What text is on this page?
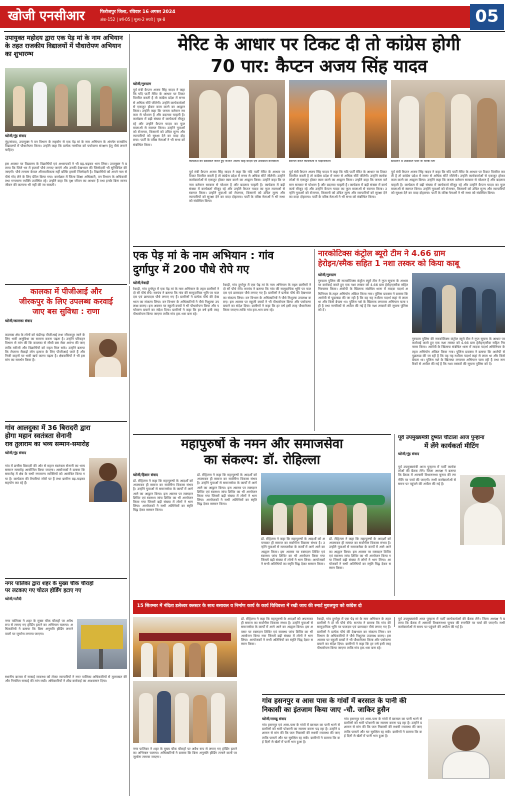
खोजी एनसीआर	फिरोजपुर जिला, रविवार 16 अगस्त 2024
अंक-152 | वर्ष-05 | मूल्य-2 रुपये | पृष्ठ-8	05
उपायुक्त महोदय द्वारा एक पेड़ मां के नाम अभियान के तहत राजकीय विद्यालयों में पौधारोपण अभियान का शुभारम्भ
खोजी/नूंह संवाद
नूंह/संवाद, उपायुक्त ने वन विभाग के सहयोग से एक पेड़ मां के नाम अभियान के अंतर्गत राजकीय विद्यालयों में पौधारोपण किया। उन्होंने कहा कि प्रत्येक नागरिक को पर्यावरण संरक्षण हेतु पौधे लगाने चाहिए।
इस अवसर पर विद्यालय के विद्यार्थियों एवं अध्यापकों ने भी बढ़-चढ़कर भाग लिया। उपायुक्त ने बताया कि जिले भर में हजारों पौधे लगाए जाएंगे और उनकी देखभाल की जिम्मेदारी भी सुनिश्चित की जाएगी। पौधे लगाना केवल औपचारिकता नहीं बल्कि हमारी जिम्मेदारी है। विद्यार्थियों को अपने नाम से पौधे गोद लेने के लिए प्रेरित किया गया। कार्यक्रम में जिला शिक्षा अधिकारी, वन विभाग के अधिकारी तथा गणमान्य व्यक्ति उपस्थित रहे। उन्होंने कहा कि वृक्ष जीवन का आधार हैं तथा इनके बिना मानव जीवन की कल्पना भी नहीं की जा सकती।
मेरिट के आधार पर टिकट दी तो कांग्रेस होगी
70 पार: कैप्टन अजय सिंह यादव
खोजी/गुरुग्राम
पूर्व मंत्री कैप्टन अजय सिंह यादव ने कहा कि यदि पार्टी मेरिट के आधार पर टिकट वितरित करती है तो कांग्रेस प्रदेश में सत्तर से अधिक सीटें जीतेगी। उन्होंने कार्यकर्ताओं से एकजुट होकर काम करने का आह्वान किया। उन्होंने कहा कि जनता वर्तमान सरकार से परेशान है और बदलाव चाहती है। कार्यक्रम में बड़ी संख्या में कार्यकर्ता मौजूद रहे और उन्होंने कैप्टन यादव का फूल मालाओं से स्वागत किया। उन्होंने युवाओं को रोजगार, किसानों को उचित मूल्य और व्यापारियों को सुरक्षा देने का वादा दोहराया। पार्टी के वरिष्ठ नेताओं ने भी सभा को संबोधित किया।
कार्यक्रम को संबोधित करते हुए कैप्टन अजय सिंह यादव एवं उपस्थित कार्यकर्ता	स्वागत करते कार्यकर्ता व पदाधिकारी	सम्मेलन में उपस्थित पार्टी के वरिष्ठ नेता
पूर्व मंत्री कैप्टन अजय सिंह यादव ने कहा कि यदि पार्टी मेरिट के आधार पर टिकट वितरित करती है तो कांग्रेस प्रदेश में सत्तर से अधिक सीटें जीतेगी। उन्होंने कार्यकर्ताओं से एकजुट होकर काम करने का आह्वान किया। उन्होंने कहा कि जनता वर्तमान सरकार से परेशान है और बदलाव चाहती है। कार्यक्रम में बड़ी संख्या में कार्यकर्ता मौजूद रहे और उन्होंने कैप्टन यादव का फूल मालाओं से स्वागत किया। उन्होंने युवाओं को रोजगार, किसानों को उचित मूल्य और व्यापारियों को सुरक्षा देने का वादा दोहराया। पार्टी के वरिष्ठ नेताओं ने भी सभा को संबोधित किया।
पूर्व मंत्री कैप्टन अजय सिंह यादव ने कहा कि यदि पार्टी मेरिट के आधार पर टिकट वितरित करती है तो कांग्रेस प्रदेश में सत्तर से अधिक सीटें जीतेगी। उन्होंने कार्यकर्ताओं से एकजुट होकर काम करने का आह्वान किया। उन्होंने कहा कि जनता वर्तमान सरकार से परेशान है और बदलाव चाहती है। कार्यक्रम में बड़ी संख्या में कार्यकर्ता मौजूद रहे और उन्होंने कैप्टन यादव का फूल मालाओं से स्वागत किया। उन्होंने युवाओं को रोजगार, किसानों को उचित मूल्य और व्यापारियों को सुरक्षा देने का वादा दोहराया। पार्टी के वरिष्ठ नेताओं ने भी सभा को संबोधित किया।
पूर्व मंत्री कैप्टन अजय सिंह यादव ने कहा कि यदि पार्टी मेरिट के आधार पर टिकट वितरित करती है तो कांग्रेस प्रदेश में सत्तर से अधिक सीटें जीतेगी। उन्होंने कार्यकर्ताओं से एकजुट होकर काम करने का आह्वान किया। उन्होंने कहा कि जनता वर्तमान सरकार से परेशान है और बदलाव चाहती है। कार्यक्रम में बड़ी संख्या में कार्यकर्ता मौजूद रहे और उन्होंने कैप्टन यादव का फूल मालाओं से स्वागत किया। उन्होंने युवाओं को रोजगार, किसानों को उचित मूल्य और व्यापारियों को सुरक्षा देने का वादा दोहराया। पार्टी के वरिष्ठ नेताओं ने भी सभा को संबोधित किया।
एक पेड़ मां के नाम अभियान : गांव
दुर्गापुर में 200 पौधे रोपे गए
खोजी/रेवाड़ी
रेवाड़ी, गांव दुर्गापुर में एक पेड़ मां के नाम अभियान के तहत ग्रामीणों ने दो सौ पौधे रोपे। सरपंच ने बताया कि गांव की सामुदायिक भूमि पर फलदार एवं छायादार पौधे लगाए गए हैं। ग्रामीणों ने प्रत्येक पौधे की देखभाल का संकल्प लिया। वन विभाग के अधिकारियों ने पौधे निशुल्क उपलब्ध कराए। इस अवसर पर स्कूली बच्चों ने भी पौधारोपण किया और पर्यावरण बचाने का संदेश दिया। ग्रामीणों ने कहा कि हर वर्ष इसी तरह पौधारोपण किया जाएगा ताकि गांव हरा-भरा बना रहे।
रेवाड़ी, गांव दुर्गापुर में एक पेड़ मां के नाम अभियान के तहत ग्रामीणों ने दो सौ पौधे रोपे। सरपंच ने बताया कि गांव की सामुदायिक भूमि पर फलदार एवं छायादार पौधे लगाए गए हैं। ग्रामीणों ने प्रत्येक पौधे की देखभाल का संकल्प लिया। वन विभाग के अधिकारियों ने पौधे निशुल्क उपलब्ध कराए। इस अवसर पर स्कूली बच्चों ने भी पौधारोपण किया और पर्यावरण बचाने का संदेश दिया। ग्रामीणों ने कहा कि हर वर्ष इसी तरह पौधारोपण किया जाएगा ताकि गांव हरा-भरा बना रहे।
नारकोटिक्स कंट्रोल ब्यूरो टीम ने 4.66 ग्राम
हेरोइन/स्मैक सहित 1 नशा तस्कर को किया काबू
खोजी/गुरुग्राम
गुरुग्राम पुलिस की नारकोटिक्स कंट्रोल ब्यूरो टीम ने गुप्त सूचना के आधार पर कार्रवाई करते हुए एक नशा तस्कर को 4.66 ग्राम हेरोइन/स्मैक सहित गिरफ्तार किया। आरोपी के खिलाफ संबंधित थाना में मादक पदार्थ अधिनियम के तहत अभियोग अंकित किया गया। पुलिस प्रवक्ता ने बताया कि आरोपी से पूछताछ की जा रही है कि वह यह नशीला पदार्थ कहां से लाता था और किसे बेचता था। पुलिस नशे के खिलाफ लगातार अभियान चला रही है तथा नागरिकों से अपील की गई है कि नशा तस्करों की सूचना पुलिस को दें।
गुरुग्राम पुलिस की नारकोटिक्स कंट्रोल ब्यूरो टीम ने गुप्त सूचना के आधार पर कार्रवाई करते हुए एक नशा तस्कर को 4.66 ग्राम हेरोइन/स्मैक सहित गिरफ्तार किया। आरोपी के खिलाफ संबंधित थाना में मादक पदार्थ अधिनियम के तहत अभियोग अंकित किया गया। पुलिस प्रवक्ता ने बताया कि आरोपी से पूछताछ की जा रही है कि वह यह नशीला पदार्थ कहां से लाता था और किसे बेचता था। पुलिस नशे के खिलाफ लगातार अभियान चला रही है तथा नागरिकों से अपील की गई है कि नशा तस्करों की सूचना पुलिस को दें।
कालका में पीजीआई और
जीरकपुर के लिए उपलब्ध करवाई
जाए बस सुविधा : राणा
खोजी/कालका संवाद
कालका क्षेत्र के लोगों को चंडीगढ़ पीजीआई तथा जीरकपुर जाने के लिए भारी असुविधा का सामना करना पड़ता है। उन्होंने परिवहन विभाग से मांग की कि कालका से सीधी बस सेवा आरंभ की जाए ताकि मरीजों और विद्यार्थियों को राहत मिल सके। उन्होंने बताया कि रोजाना सैकड़ों लोग इलाज के लिए पीजीआई जाते हैं और निजी वाहनों पर भारी खर्च करना पड़ता है। क्षेत्रवासियों ने भी इस मांग का समर्थन किया है।
गांव आलदुका में 36 बिरादरी द्वारा
होगा महान स्वतंत्रता सेनानी
राव तुलाराम का भव्य सम्मान-समारोह
खोजी/नूंह संवाद
गांव में छत्तीस बिरादरी की ओर से महान स्वतंत्रता सेनानी का भव्य सम्मान समारोह आयोजित किया जाएगा। आयोजकों ने बताया कि समारोह में क्षेत्र के सभी गणमान्य व्यक्तियों को आमंत्रित किया गया है। कार्यक्रम की तैयारियां जोरों पर हैं तथा ग्रामीण बढ़-चढ़कर सहयोग कर रहे हैं।
नगर पालिका द्वारा शहर के मुख्य चौक चौराहों
पर लटकाए गए चोटल होर्डिंग हटाए गए
खोजी/पटौदी
नगर पालिका ने शहर के मुख्य चौक चौराहों पर अवैध रूप से लगाए गए होर्डिंग हटाने का अभियान चलाया। अधिकारियों ने बताया कि बिना अनुमति होर्डिंग लगाने वालों पर जुर्माना लगाया जाएगा।
स्थानीय बाजार में सफाई व्यवस्था को लेकर व्यापारियों ने नगर पालिका अधिकारियों से मुलाकात की और नियमित सफाई की मांग रखी। अधिकारियों ने शीघ्र कार्रवाई का आश्वासन दिया।
महापुरुषों के नमन और समाजसेवा
का संकल्प: डॉ. रोहिल्ला
खोजी/हिसार संवाद
डॉ. रोहिल्ला ने कहा कि महापुरुषों के आदर्शों को अपनाकर ही समाज का सर्वांगीण विकास संभव है। उन्होंने युवाओं से समाजसेवा के कार्यों में आगे आने का आह्वान किया। इस अवसर पर रक्तदान शिविर एवं स्वास्थ्य जांच शिविर का भी आयोजन किया गया जिसमें बड़ी संख्या में लोगों ने भाग लिया। आयोजकों ने सभी अतिथियों का स्मृति चिह्न देकर सम्मान किया।
डॉ. रोहिल्ला ने कहा कि महापुरुषों के आदर्शों को अपनाकर ही समाज का सर्वांगीण विकास संभव है। उन्होंने युवाओं से समाजसेवा के कार्यों में आगे आने का आह्वान किया। इस अवसर पर रक्तदान शिविर एवं स्वास्थ्य जांच शिविर का भी आयोजन किया गया जिसमें बड़ी संख्या में लोगों ने भाग लिया। आयोजकों ने सभी अतिथियों का स्मृति चिह्न देकर सम्मान किया।
डॉ. रोहिल्ला ने कहा कि महापुरुषों के आदर्शों को अपनाकर ही समाज का सर्वांगीण विकास संभव है। उन्होंने युवाओं से समाजसेवा के कार्यों में आगे आने का आह्वान किया। इस अवसर पर रक्तदान शिविर एवं स्वास्थ्य जांच शिविर का भी आयोजन किया गया जिसमें बड़ी संख्या में लोगों ने भाग लिया। आयोजकों ने सभी अतिथियों का स्मृति चिह्न देकर सम्मान किया।
डॉ. रोहिल्ला ने कहा कि महापुरुषों के आदर्शों को अपनाकर ही समाज का सर्वांगीण विकास संभव है। उन्होंने युवाओं से समाजसेवा के कार्यों में आगे आने का आह्वान किया। इस अवसर पर रक्तदान शिविर एवं स्वास्थ्य जांच शिविर का भी आयोजन किया गया जिसमें बड़ी संख्या में लोगों ने भाग लिया। आयोजकों ने सभी अतिथियों का स्मृति चिह्न देकर सम्मान किया।
पूर्व उपमुख्यमंत्री दुष्यंत चौटाला आज पुन्हाना
में लेंगे कार्यकर्ता मीटिंग
खोजी/नूंह संवाद
पूर्व उपमुख्यमंत्री आज पुन्हाना में पार्टी कार्यकर्ताओं की बैठक लेंगे। जिला अध्यक्ष ने बताया कि बैठक में आगामी विधानसभा चुनाव की रणनीति पर चर्चा की जाएगी। सभी कार्यकर्ताओं से समय पर पहुंचने की अपील की गई है।
15 सितम्बर में नंदिता डलेश्वर क्लस्टर के साथ बसावल व निर्माण कार्य के कार्य विधिवत्ता में रखी जाय की स्मार्ट मुग़लपुरा को कांग्रेस दो
डॉ. रोहिल्ला ने कहा कि महापुरुषों के आदर्शों को अपनाकर ही समाज का सर्वांगीण विकास संभव है। उन्होंने युवाओं से समाजसेवा के कार्यों में आगे आने का आह्वान किया। इस अवसर पर रक्तदान शिविर एवं स्वास्थ्य जांच शिविर का भी आयोजन किया गया जिसमें बड़ी संख्या में लोगों ने भाग लिया। आयोजकों ने सभी अतिथियों का स्मृति चिह्न देकर सम्मान किया।
रेवाड़ी, गांव दुर्गापुर में एक पेड़ मां के नाम अभियान के तहत ग्रामीणों ने दो सौ पौधे रोपे। सरपंच ने बताया कि गांव की सामुदायिक भूमि पर फलदार एवं छायादार पौधे लगाए गए हैं। ग्रामीणों ने प्रत्येक पौधे की देखभाल का संकल्प लिया। वन विभाग के अधिकारियों ने पौधे निशुल्क उपलब्ध कराए। इस अवसर पर स्कूली बच्चों ने भी पौधारोपण किया और पर्यावरण बचाने का संदेश दिया। ग्रामीणों ने कहा कि हर वर्ष इसी तरह पौधारोपण किया जाएगा ताकि गांव हरा-भरा बना रहे।
नगर पालिका ने शहर के मुख्य चौक चौराहों पर अवैध रूप से लगाए गए होर्डिंग हटाने का अभियान चलाया। अधिकारियों ने बताया कि बिना अनुमति होर्डिंग लगाने वालों पर जुर्माना लगाया जाएगा।
गांव हसनपुर व आस पास के गांवों में बरसात के पानी की
निकासी का इंतजाम किया जाए -चौ. जाकिर हुसैन
खोजी/तावडू संवाद
गांव हसनपुर एवं आस-पास के गांवों में बरसात का पानी भरने से ग्रामीणों को भारी परेशानी का सामना करना पड़ रहा है। उन्होंने प्रशासन से मांग की कि जल निकासी की स्थायी व्यवस्था की जाए ताकि फसलें और घर सुरक्षित रह सकें। ग्रामीणों ने बताया कि कई दिनों से खेतों में पानी भरा हुआ है।
गांव हसनपुर एवं आस-पास के गांवों में बरसात का पानी भरने से ग्रामीणों को भारी परेशानी का सामना करना पड़ रहा है। उन्होंने प्रशासन से मांग की कि जल निकासी की स्थायी व्यवस्था की जाए ताकि फसलें और घर सुरक्षित रह सकें। ग्रामीणों ने बताया कि कई दिनों से खेतों में पानी भरा हुआ है।
पूर्व उपमुख्यमंत्री आज पुन्हाना में पार्टी कार्यकर्ताओं की बैठक लेंगे। जिला अध्यक्ष ने बताया कि बैठक में आगामी विधानसभा चुनाव की रणनीति पर चर्चा की जाएगी। सभी कार्यकर्ताओं से समय पर पहुंचने की अपील की गई है।
